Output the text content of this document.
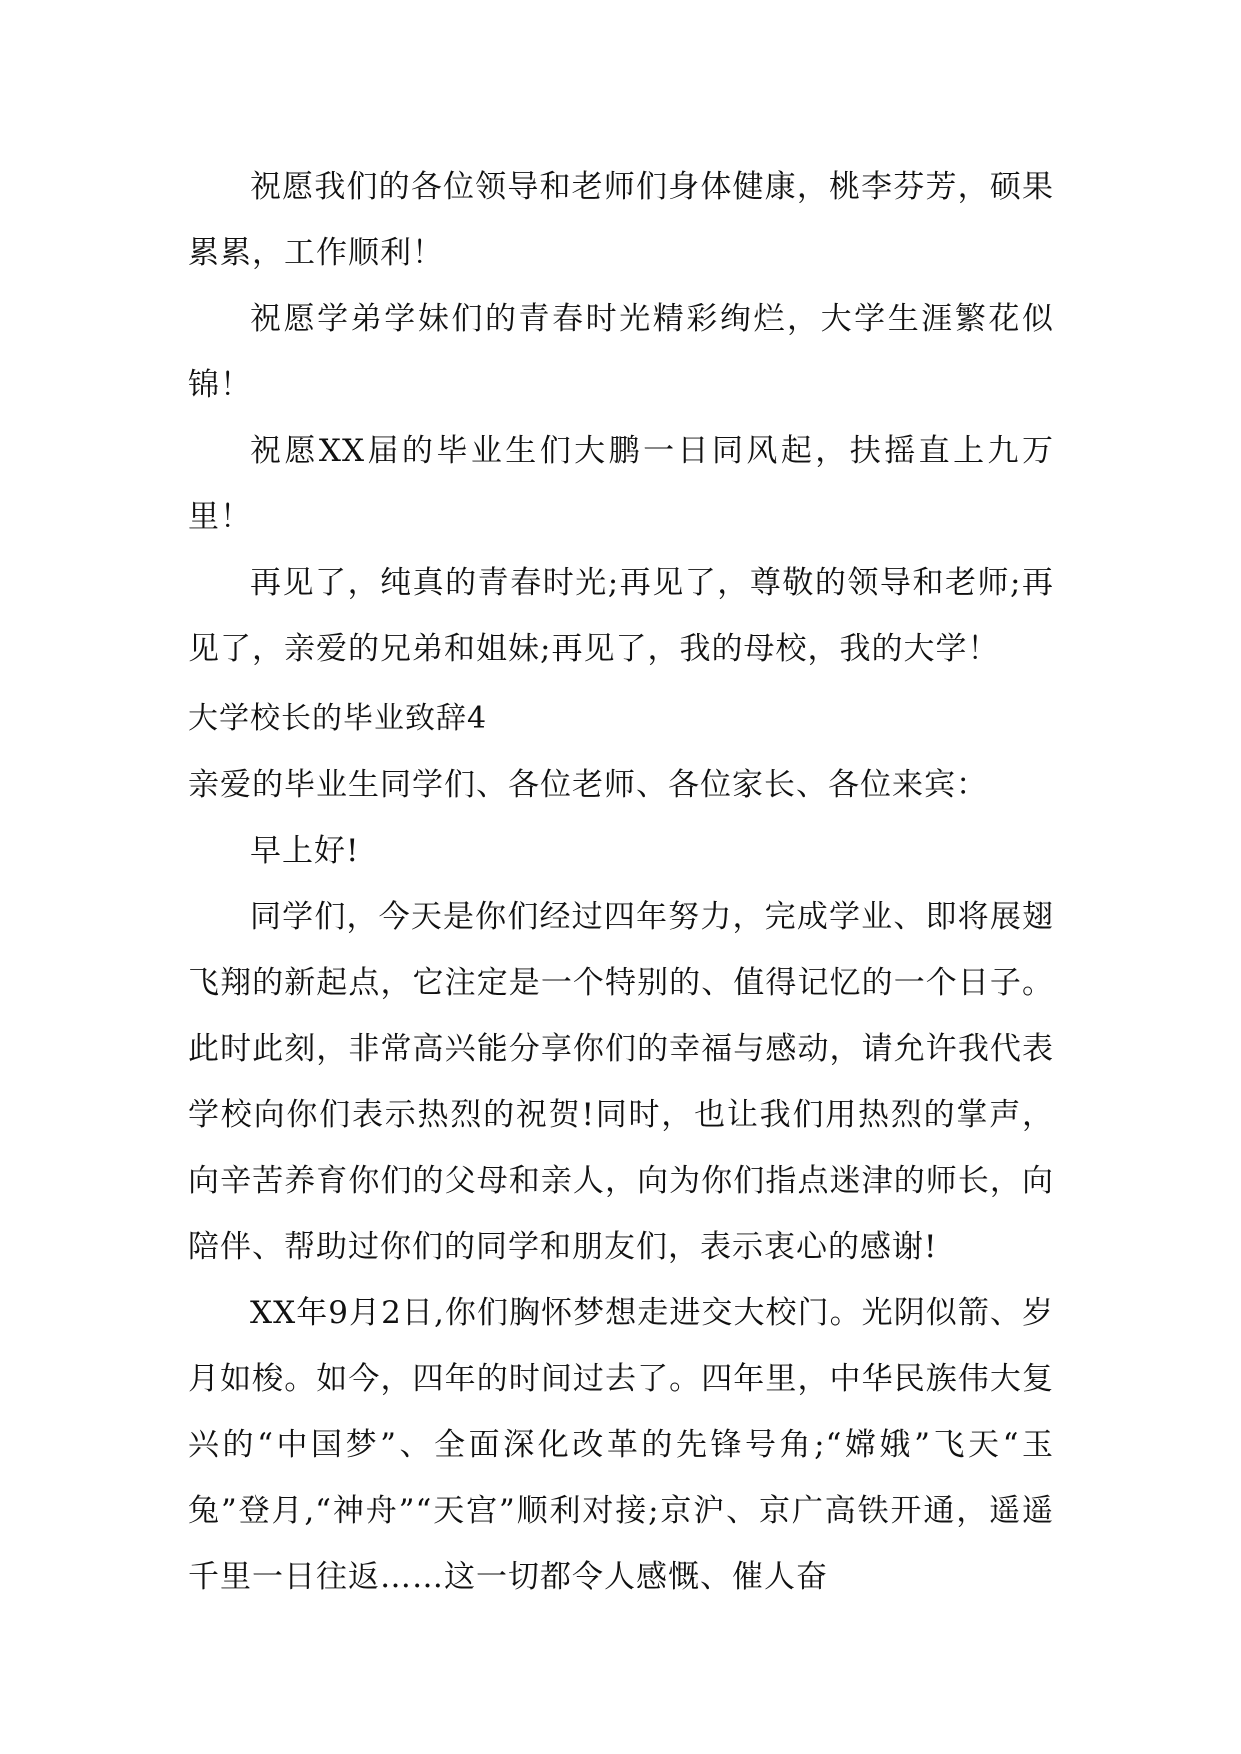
祝愿我们的各位领导和老师们身体健康，桃李芬芳，硕果累累，工作顺利！

祝愿学弟学妹们的青春时光精彩绚烂，大学生涯繁花似锦！

祝愿XX届的毕业生们大鹏一日同风起，扶摇直上九万里！

再见了，纯真的青春时光;再见了，尊敬的领导和老师;再见了，亲爱的兄弟和姐妹;再见了，我的母校，我的大学！

大学校长的毕业致辞4

亲爱的毕业生同学们、各位老师、各位家长、各位来宾：

早上好!

同学们，今天是你们经过四年努力，完成学业、即将展翅飞翔的新起点，它注定是一个特别的、值得记忆的一个日子。此时此刻，非常高兴能分享你们的幸福与感动，请允许我代表学校向你们表示热烈的祝贺!同时，也让我们用热烈的掌声，向辛苦养育你们的父母和亲人，向为你们指点迷津的师长，向陪伴、帮助过你们的同学和朋友们，表示衷心的感谢!

XX年9月2日,你们胸怀梦想走进交大校门。光阴似箭、岁月如梭。如今，四年的时间过去了。四年里，中华民族伟大复兴的“中国梦”、全面深化改革的先锋号角;“嫦娥”飞天“玉兔”登月,“神舟”“天宫”顺利对接;京沪、京广高铁开通，遥遥千里一日往返……这一切都令人感慨、催人奋
